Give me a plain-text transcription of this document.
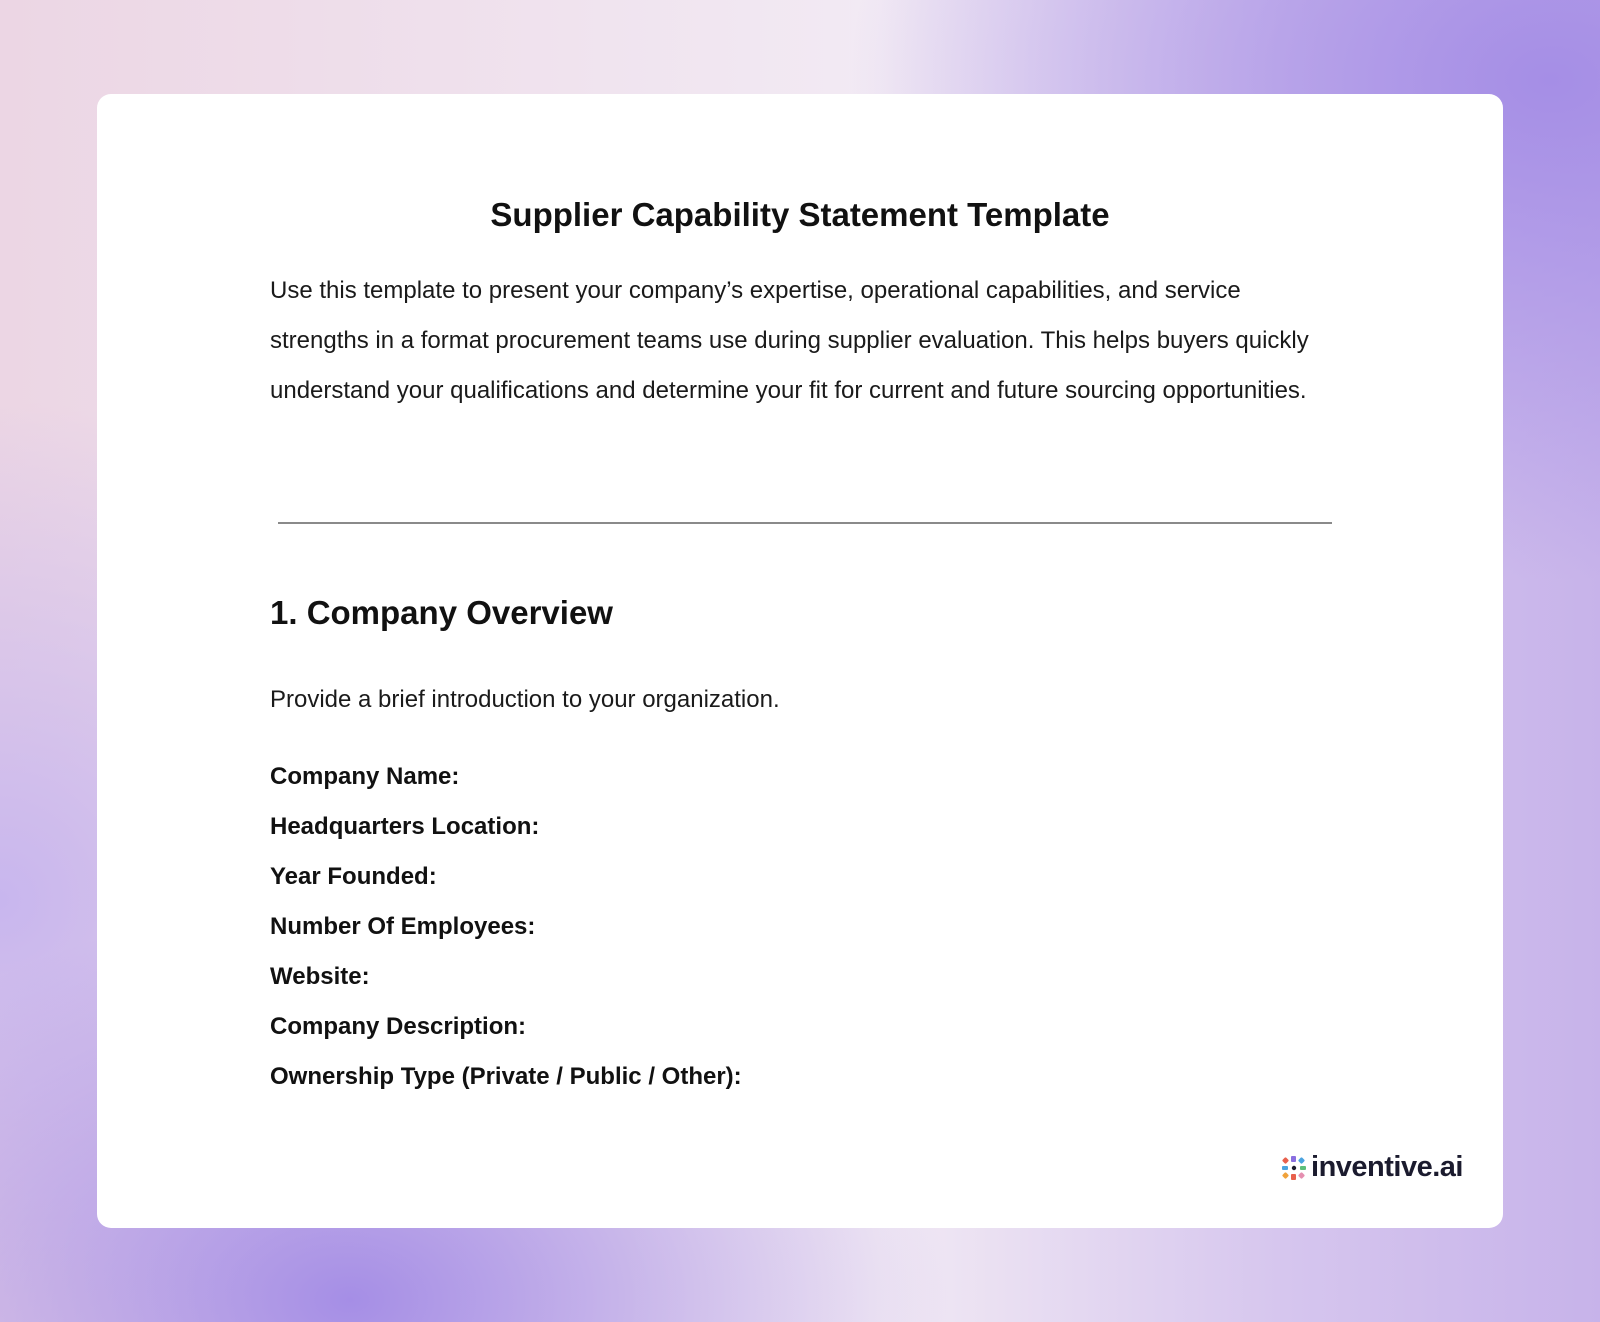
Supplier Capability Statement Template
Use this template to present your company’s expertise, operational capabilities, and service strengths in a format procurement teams use during supplier evaluation. This helps buyers quickly understand your qualifications and determine your fit for current and future sourcing opportunities.
1. Company Overview
Provide a brief introduction to your organization.
Company Name:
Headquarters Location:
Year Founded:
Number Of Employees:
Website:
Company Description:
Ownership Type (Private / Public / Other):
inventive.ai
